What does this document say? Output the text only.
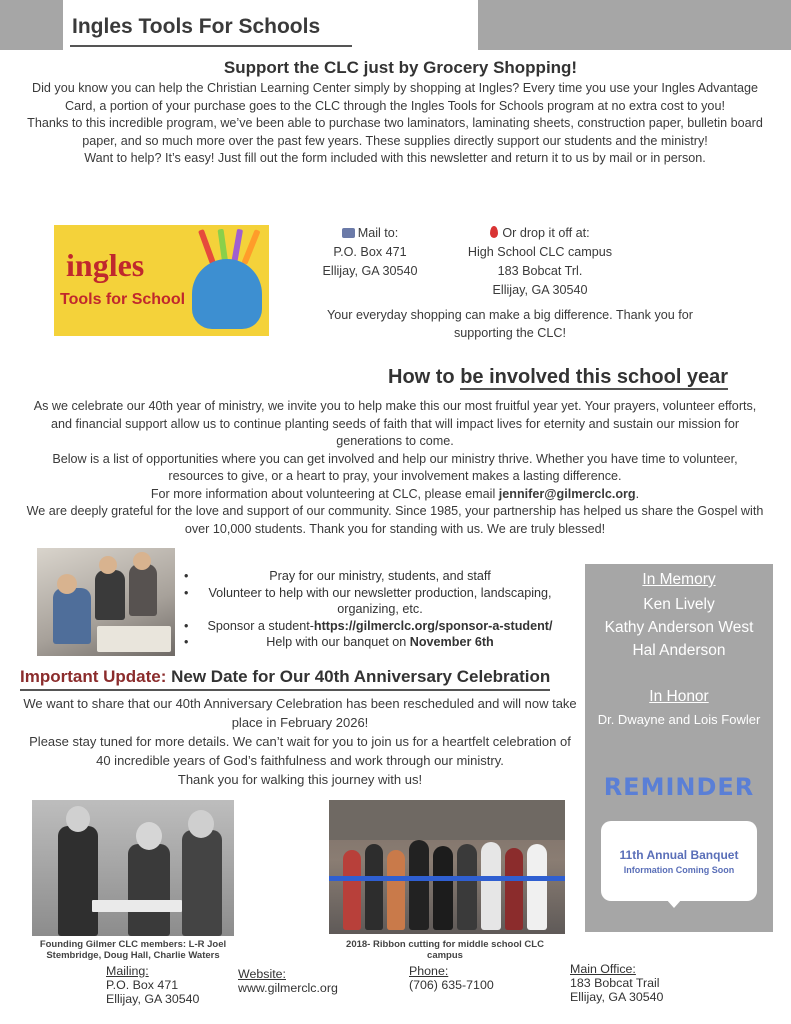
Ingles Tools For Schools
Support the CLC just by Grocery Shopping!

Did you know you can help the Christian Learning Center simply by shopping at Ingles? Every time you use your Ingles Advantage Card, a portion of your purchase goes to the CLC through the Ingles Tools for Schools program at no extra cost to you!

Thanks to this incredible program, we’ve been able to purchase two laminators, laminating sheets, construction paper, bulletin board paper, and so much more over the past few years. These supplies directly support our students and the ministry!

Want to help? It’s easy! Just fill out the form included with this newsletter and return it to us by mail or in person.

ingles
Tools for School
Mail to:
P.O. Box 471
Ellijay, GA 30540
Or drop it off at:
High School CLC campus
183 Bobcat Trl.
Ellijay, GA 30540
Your everyday shopping can make a big difference. Thank you for supporting the CLC!
How to be involved this school year

As we celebrate our 40th year of ministry, we invite you to help make this our most fruitful year yet. Your prayers, volunteer efforts, and financial support allow us to continue planting seeds of faith that will impact lives for eternity and sustain our mission for generations to come.

Below is a list of opportunities where you can get involved and help our ministry thrive. Whether you have time to volunteer, resources to give, or a heart to pray, your involvement makes a lasting difference.

For more information about volunteering at CLC, please email jennifer@gilmerclc.org.

We are deeply grateful for the love and support of our community. Since 1985, your partnership has helped us share the Gospel with over 10,000 students. Thank you for standing with us. We are truly blessed!

• Pray for our ministry, students, and staff
• Volunteer to help with our newsletter production, landscaping, organizing, etc.
• Sponsor a student-https://gilmerclc.org/sponsor-a-student/
• Help with our banquet on November 6th
Important Update: New Date for Our 40th Anniversary Celebration

We want to share that our 40th Anniversary Celebration has been rescheduled and will now take place in February 2026!

Please stay tuned for more details. We can’t wait for you to join us for a heartfelt celebration of 40 incredible years of God’s faithfulness and work through our ministry.

Thank you for walking this journey with us!

In Memory
Ken Lively
Kathy Anderson West
Hal Anderson
In Honor
Dr. Dwayne and Lois Fowler
REMINDER
11th Annual Banquet
Information Coming Soon
Founding Gilmer CLC members: L-R Joel Stembridge, Doug Hall, Charlie Waters
2018- Ribbon cutting for middle school CLC campus
Mailing:
P.O. Box 471
Ellijay, GA 30540
Website:
www.gilmerclc.org
Phone:
(706) 635-7100
Main Office:
183 Bobcat Trail
Ellijay, GA 30540
